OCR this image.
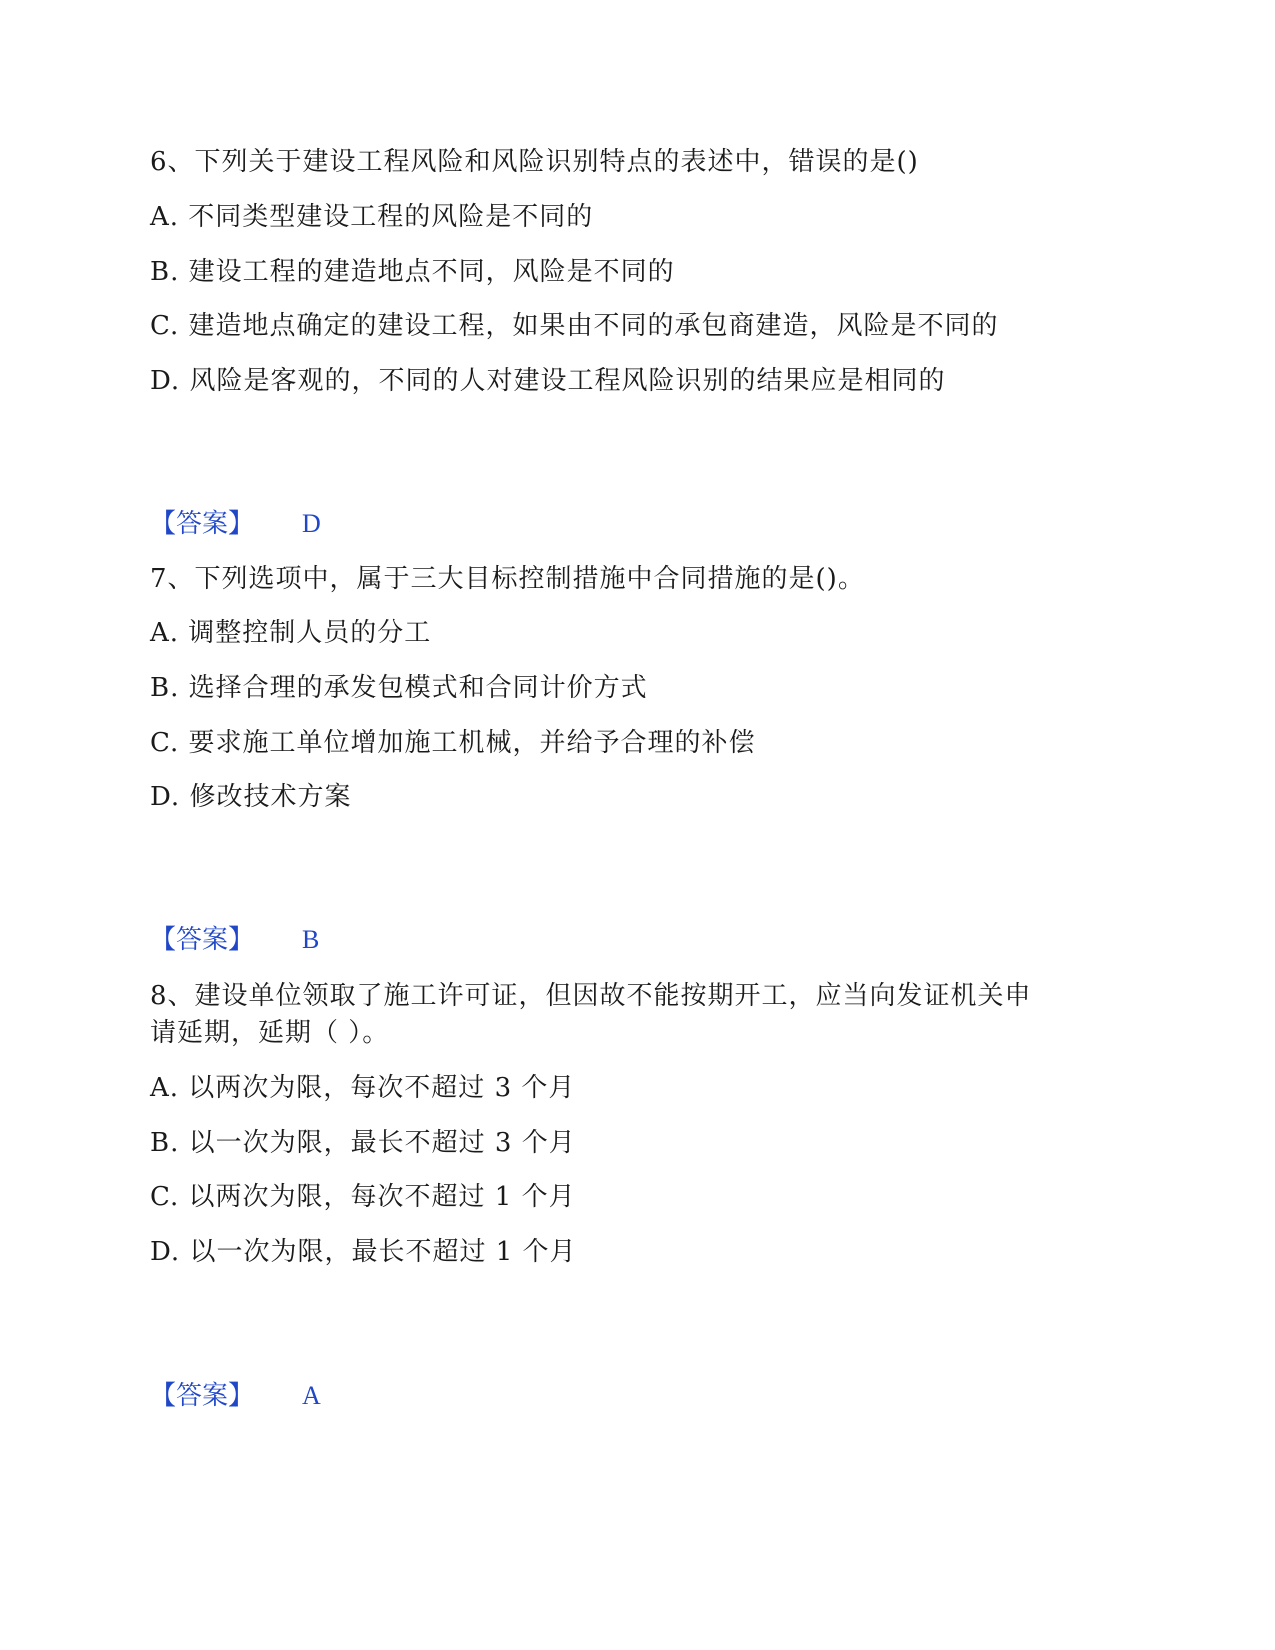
6、下列关于建设工程风险和风险识别特点的表述中，错误的是()
A. 不同类型建设工程的风险是不同的
B. 建设工程的建造地点不同，风险是不同的
C. 建造地点确定的建设工程，如果由不同的承包商建造，风险是不同的
D. 风险是客观的，不同的人对建设工程风险识别的结果应是相同的
【答案】 D
7、下列选项中，属于三大目标控制措施中合同措施的是()。
A. 调整控制人员的分工
B. 选择合理的承发包模式和合同计价方式
C. 要求施工单位增加施工机械，并给予合理的补偿
D. 修改技术方案
【答案】 B
8、建设单位领取了施工许可证，但因故不能按期开工，应当向发证机关申
请延期，延期（ ）。
A. 以两次为限，每次不超过 3 个月
B. 以一次为限，最长不超过 3 个月
C. 以两次为限，每次不超过 1 个月
D. 以一次为限，最长不超过 1 个月
【答案】 A
